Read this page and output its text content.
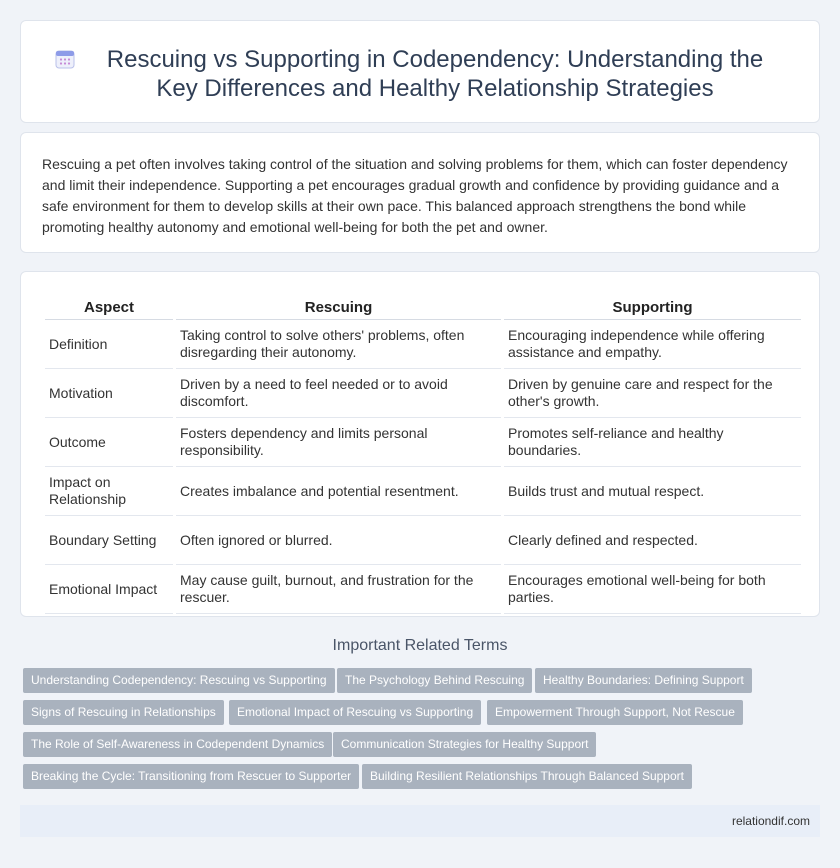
Rescuing vs Supporting in Codependency: Understanding the Key Differences and Healthy Relationship Strategies

Rescuing a pet often involves taking control of the situation and solving problems for them, which can foster dependency and limit their independence. Supporting a pet encourages gradual growth and confidence by providing guidance and a safe environment for them to develop skills at their own pace. This balanced approach strengthens the bond while promoting healthy autonomy and emotional well-being for both the pet and owner.

Aspect	Rescuing	Supporting
Definition	Taking control to solve others' problems, often disregarding their autonomy.	Encouraging independence while offering assistance and empathy.
Motivation	Driven by a need to feel needed or to avoid discomfort.	Driven by genuine care and respect for the other's growth.
Outcome	Fosters dependency and limits personal responsibility.	Promotes self-reliance and healthy boundaries.
Impact on Relationship	Creates imbalance and potential resentment.	Builds trust and mutual respect.
Boundary Setting	Often ignored or blurred.	Clearly defined and respected.
Emotional Impact	May cause guilt, burnout, and frustration for the rescuer.	Encourages emotional well-being for both parties.
Important Related Terms
Understanding Codependency: Rescuing vs Supporting	The Psychology Behind Rescuing	Healthy Boundaries: Defining Support
Signs of Rescuing in Relationships	Emotional Impact of Rescuing vs Supporting	Empowerment Through Support, Not Rescue
The Role of Self-Awareness in Codependent Dynamics	Communication Strategies for Healthy Support
Breaking the Cycle: Transitioning from Rescuer to Supporter	Building Resilient Relationships Through Balanced Support
relationdif.com
